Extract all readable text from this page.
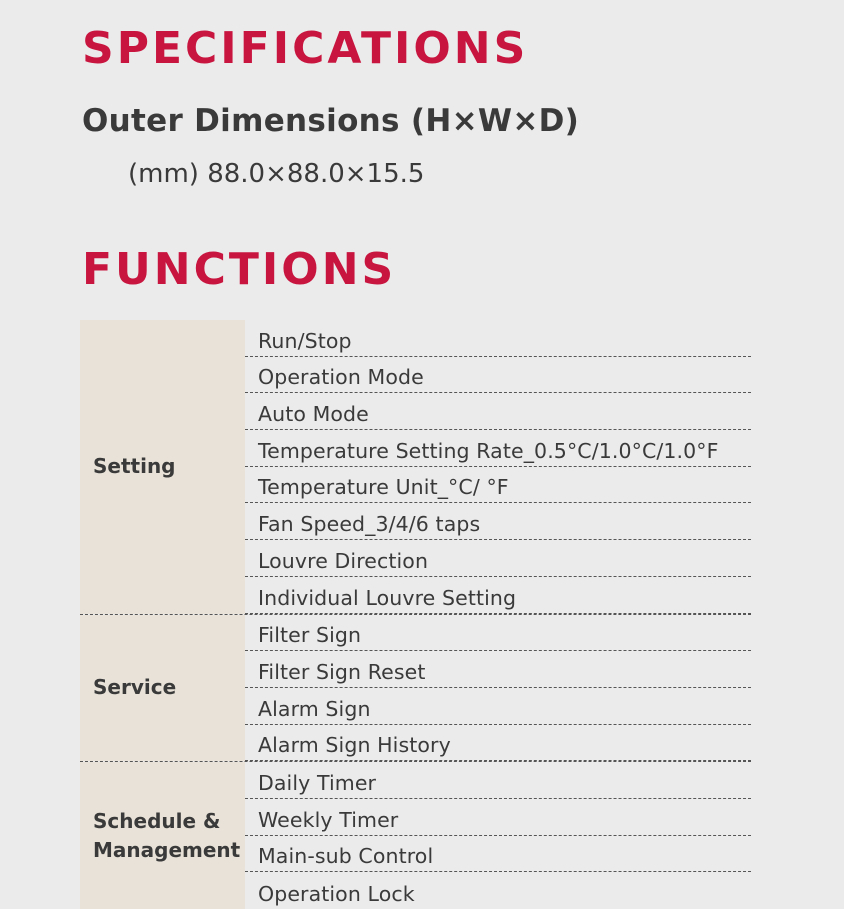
SPECIFICATIONS
Outer Dimensions (H×W×D)
(mm) 88.0×88.0×15.5
FUNCTIONS
Setting
Run/Stop
Operation Mode
Auto Mode
Temperature Setting Rate_0.5°C/1.0°C/1.0°F
Temperature Unit_°C/ °F
Fan Speed_3/4/6 taps
Louvre Direction
Individual Louvre Setting
Service
Filter Sign
Filter Sign Reset
Alarm Sign
Alarm Sign History
Schedule &
Management
Daily Timer
Weekly Timer
Main-sub Control
Operation Lock
